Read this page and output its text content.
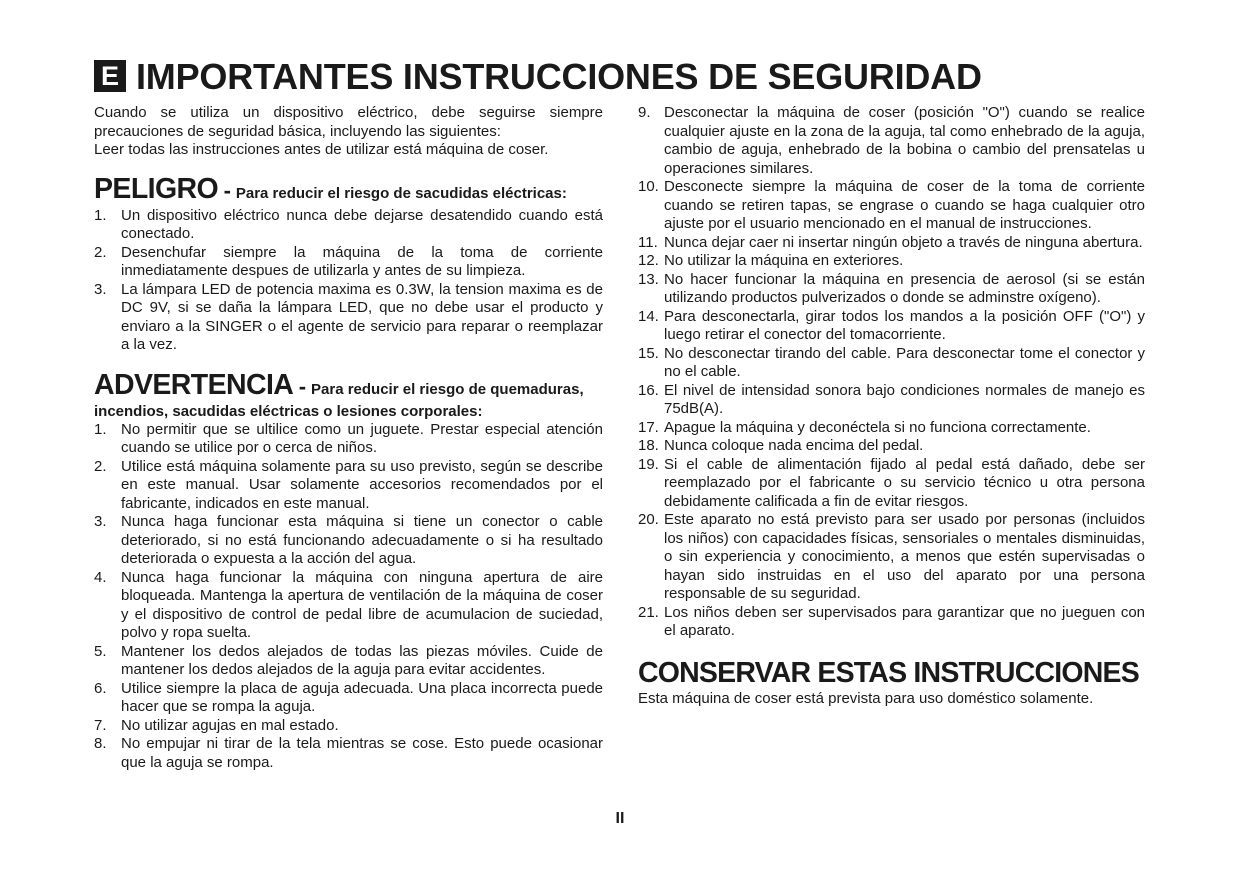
E IMPORTANTES INSTRUCCIONES DE SEGURIDAD

Cuando se utiliza un dispositivo eléctrico, debe seguirse siempre precauciones de seguridad básica, incluyendo las siguientes:

Leer todas las instrucciones antes de utilizar está máquina de coser.

PELIGRO - Para reducir el riesgo de sacudidas eléctricas:
1. Un dispositivo eléctrico nunca debe dejarse desatendido cuando está conectado.
2. Desenchufar siempre la máquina de la toma de corriente inmediatamente despues de utilizarla y antes de su limpieza.
3. La lámpara LED de potencia maxima es 0.3W, la tension maxima es de DC 9V, si se daña la lámpara LED, que no debe usar el producto y enviaro a la SINGER o el agente de servicio para reparar o reemplazar a la vez.
ADVERTENCIA - Para reducir el riesgo de quemaduras,
incendios, sacudidas eléctricas o lesiones corporales:
1. No permitir que se ultilice como un juguete. Prestar especial atención cuando se utilice por o cerca de niños.
2. Utilice está máquina solamente para su uso previsto, según se describe en este manual. Usar solamente accesorios recomendados por el fabricante, indicados en este manual.
3. Nunca haga funcionar esta máquina si tiene un conector o cable deteriorado, si no está funcionando adecuadamente o si ha resultado deteriorada o expuesta a la acción del agua.
4. Nunca haga funcionar la máquina con ninguna apertura de aire bloqueada. Mantenga la apertura de ventilación de la máquina de coser y el dispositivo de control de pedal libre de acumulacion de suciedad, polvo y ropa suelta.
5. Mantener los dedos alejados de todas las piezas móviles. Cuide de mantener los dedos alejados de la aguja para evitar accidentes.
6. Utilice siempre la placa de aguja adecuada. Una placa incorrecta puede hacer que se rompa la aguja.
7. No utilizar agujas en mal estado.
8. No empujar ni tirar de la tela mientras se cose. Esto puede ocasionar que la aguja se rompa.
9. Desconectar la máquina de coser (posición "O") cuando se realice cualquier ajuste en la zona de la aguja, tal como enhebrado de la aguja, cambio de aguja, enhebrado de la bobina o cambio del prensatelas u operaciones similares.
10. Desconecte siempre la máquina de coser de la toma de corriente cuando se retiren tapas, se engrase o cuando se haga cualquier otro ajuste por el usuario mencionado en el manual de instrucciones.
11. Nunca dejar caer ni insertar ningún objeto a través de ninguna abertura.
12. No utilizar la máquina en exteriores.
13. No hacer funcionar la máquina en presencia de aerosol (si se están utilizando productos pulverizados o donde se adminstre oxígeno).
14. Para desconectarla, girar todos los mandos a la posición OFF ("O") y luego retirar el conector del tomacorriente.
15. No desconectar tirando del cable. Para desconectar tome el conector y no el cable.
16. El nivel de intensidad sonora bajo condiciones normales de manejo es 75dB(A).
17. Apague la máquina y deconéctela si no funciona correctamente.
18. Nunca coloque nada encima del pedal.
19. Si el cable de alimentación fijado al pedal está dañado, debe ser reemplazado por el fabricante o su servicio técnico u otra persona debidamente calificada a fin de evitar riesgos.
20. Este aparato no está previsto para ser usado por personas (incluidos los niños) con capacidades físicas, sensoriales o mentales disminuidas, o sin experiencia y conocimiento, a menos que estén supervisadas o hayan sido instruidas en el uso del aparato por una persona responsable de su seguridad.
21. Los niños deben ser supervisados para garantizar que no jueguen con el aparato.
CONSERVAR ESTAS INSTRUCCIONES

Esta máquina de coser está prevista para uso doméstico solamente.

II
